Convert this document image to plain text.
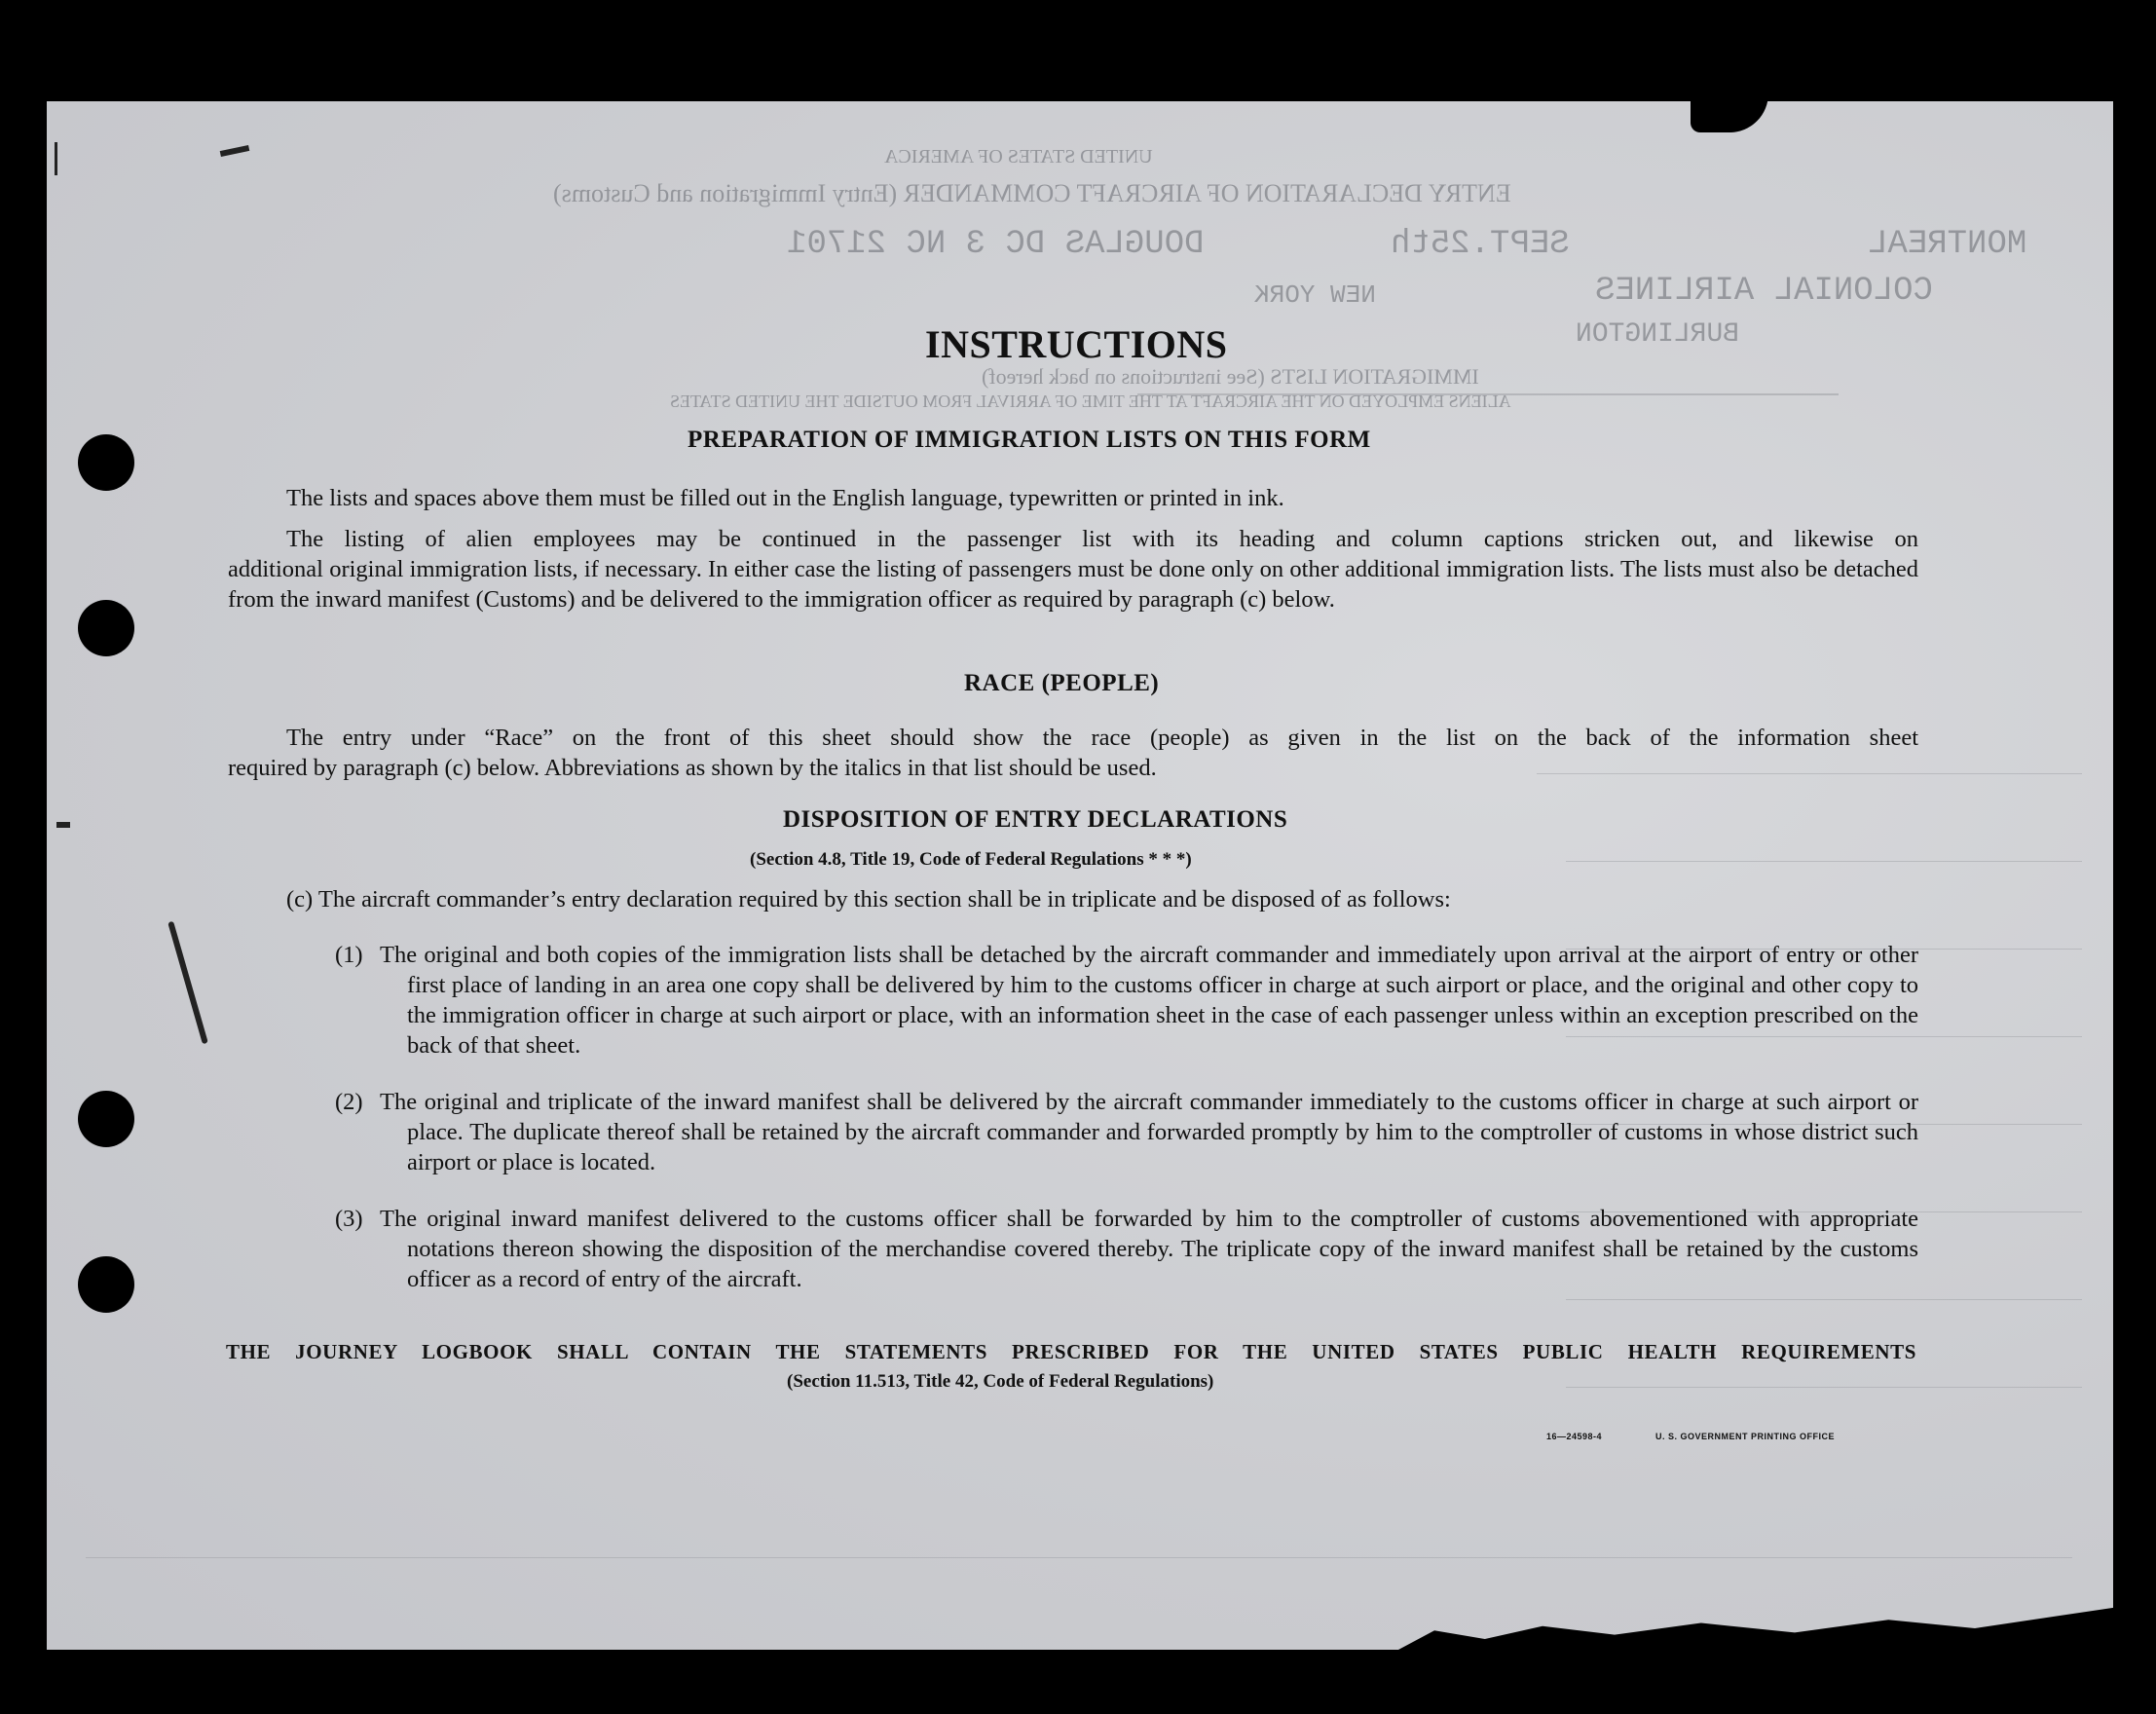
UNITED STATES OF AMERICA
ENTRY DECLARATION OF AIRCRAFT COMMANDER (Entry Immigration and Customs)
MONTREAL
SEPT.25th
DOUGLAS DC 3 NC 21701
COLONIAL AIRLINES
NEW YORK
BURLINGTON
IMMIGRATION LISTS (See instructions on back hereof)
ALIENS EMPLOYED ON THE AIRCRAFT AT THE TIME OF ARRIVAL FROM OUTSIDE THE UNITED STATES
INSTRUCTIONS
PREPARATION OF IMMIGRATION LISTS ON THIS FORM
The lists and spaces above them must be filled out in the English language, typewritten or printed in ink.
The listing of alien employees may be continued in the passenger list with its heading and column captions stricken out, and likewise on
additional original immigration lists, if necessary. In either case the listing of passengers must be done only on other additional immigration lists. The lists must also be detached from the inward manifest (Customs) and be delivered to the immigration officer as required by paragraph (c) below.
RACE (PEOPLE)
The entry under “Race” on the front of this sheet should show the race (people) as given in the list on the back of the information sheet
required by paragraph (c) below. Abbreviations as shown by the italics in that list should be used.
DISPOSITION OF ENTRY DECLARATIONS
(Section 4.8, Title 19, Code of Federal Regulations * * *)
(c) The aircraft commander’s entry declaration required by this section shall be in triplicate and be disposed of as follows:
(1) The original and both copies of the immigration lists shall be detached by the aircraft commander and immediately upon arrival at the airport of entry or other first place of landing in an area one copy shall be delivered by him to the customs officer in charge at such airport or place, and the original and other copy to the immigration officer in charge at such airport or place, with an information sheet in the case of each passenger unless within an exception prescribed on the back of that sheet.
(2) The original and triplicate of the inward manifest shall be delivered by the aircraft commander immediately to the customs officer in charge at such airport or place. The duplicate thereof shall be retained by the aircraft commander and forwarded promptly by him to the comptroller of customs in whose district such airport or place is located.
(3) The original inward manifest delivered to the customs officer shall be forwarded by him to the comptroller of customs abovementioned with appropriate notations thereon showing the disposition of the merchandise covered thereby. The triplicate copy of the inward manifest shall be retained by the customs officer as a record of entry of the aircraft.
THE JOURNEY LOGBOOK SHALL CONTAIN THE STATEMENTS PRESCRIBED FOR THE UNITED STATES PUBLIC HEALTH REQUIREMENTS
(Section 11.513, Title 42, Code of Federal Regulations)
16—24598-4	U. S. GOVERNMENT PRINTING OFFICE
